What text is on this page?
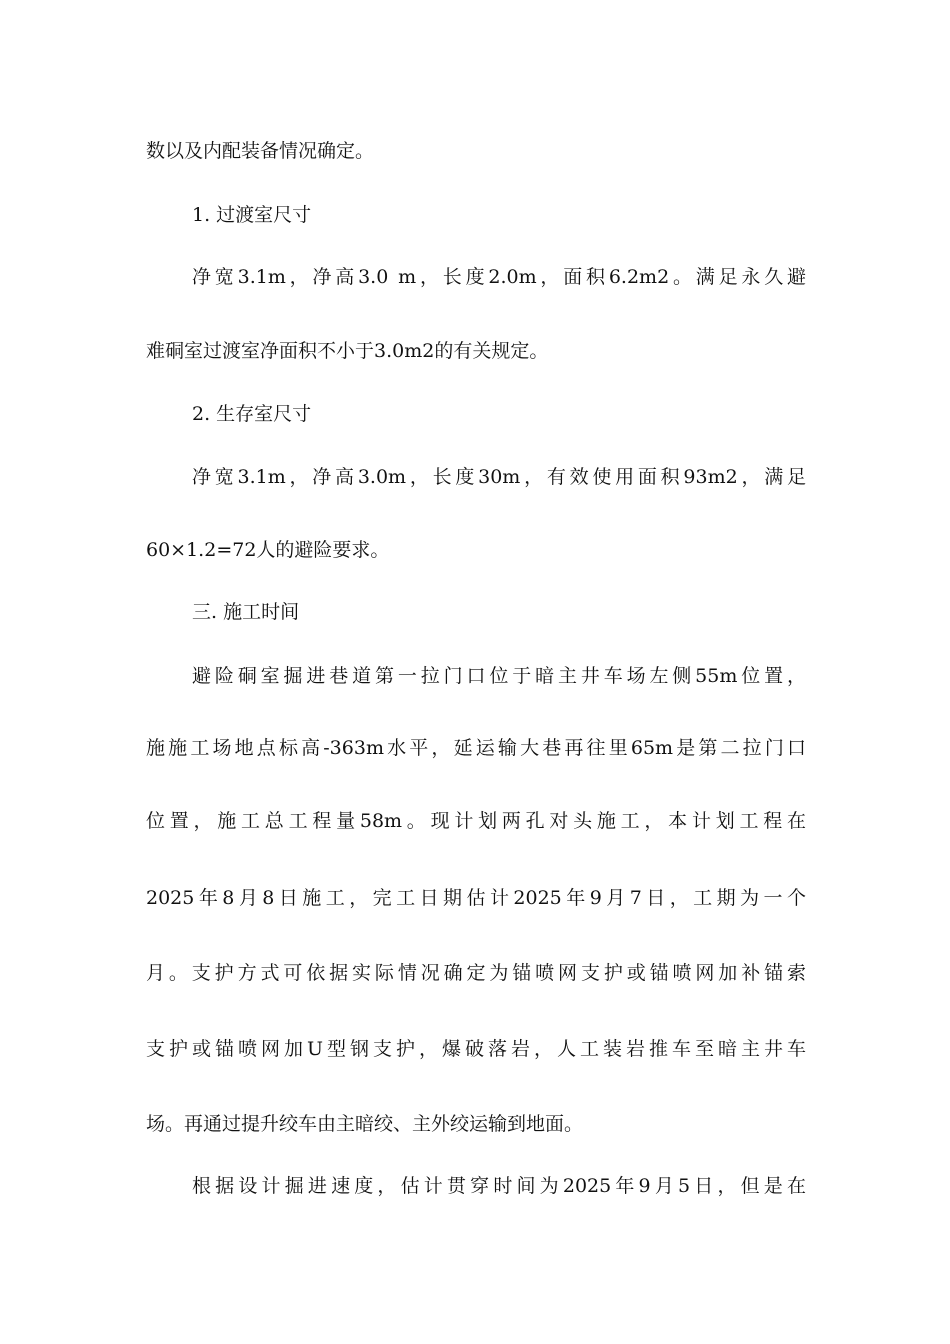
数以及内配装备情况确定。
1. 过渡室尺寸
净宽3.1m，净高3.0 m，长度2.0m，面积6.2m2。满足永久避
难硐室过渡室净面积不小于3.0m2的有关规定。
2. 生存室尺寸
净宽3.1m，净高3.0m，长度30m，有效使用面积93m2，满足
60×1.2=72人的避险要求。
三. 施工时间
避险硐室掘进巷道第一拉门口位于暗主井车场左侧55m位置，
施施工场地点标高-363m水平，延运输大巷再往里65m是第二拉门口
位置，施工总工程量58m。现计划两孔对头施工，本计划工程在
2025年8月8日施工，完工日期估计2025年9月7日，工期为一个
月。支护方式可依据实际情况确定为锚喷网支护或锚喷网加补锚索
支护或锚喷网加U型钢支护，爆破落岩，人工装岩推车至暗主井车
场。再通过提升绞车由主暗绞、主外绞运输到地面。
根据设计掘进速度，估计贯穿时间为2025年9月5日，但是在
